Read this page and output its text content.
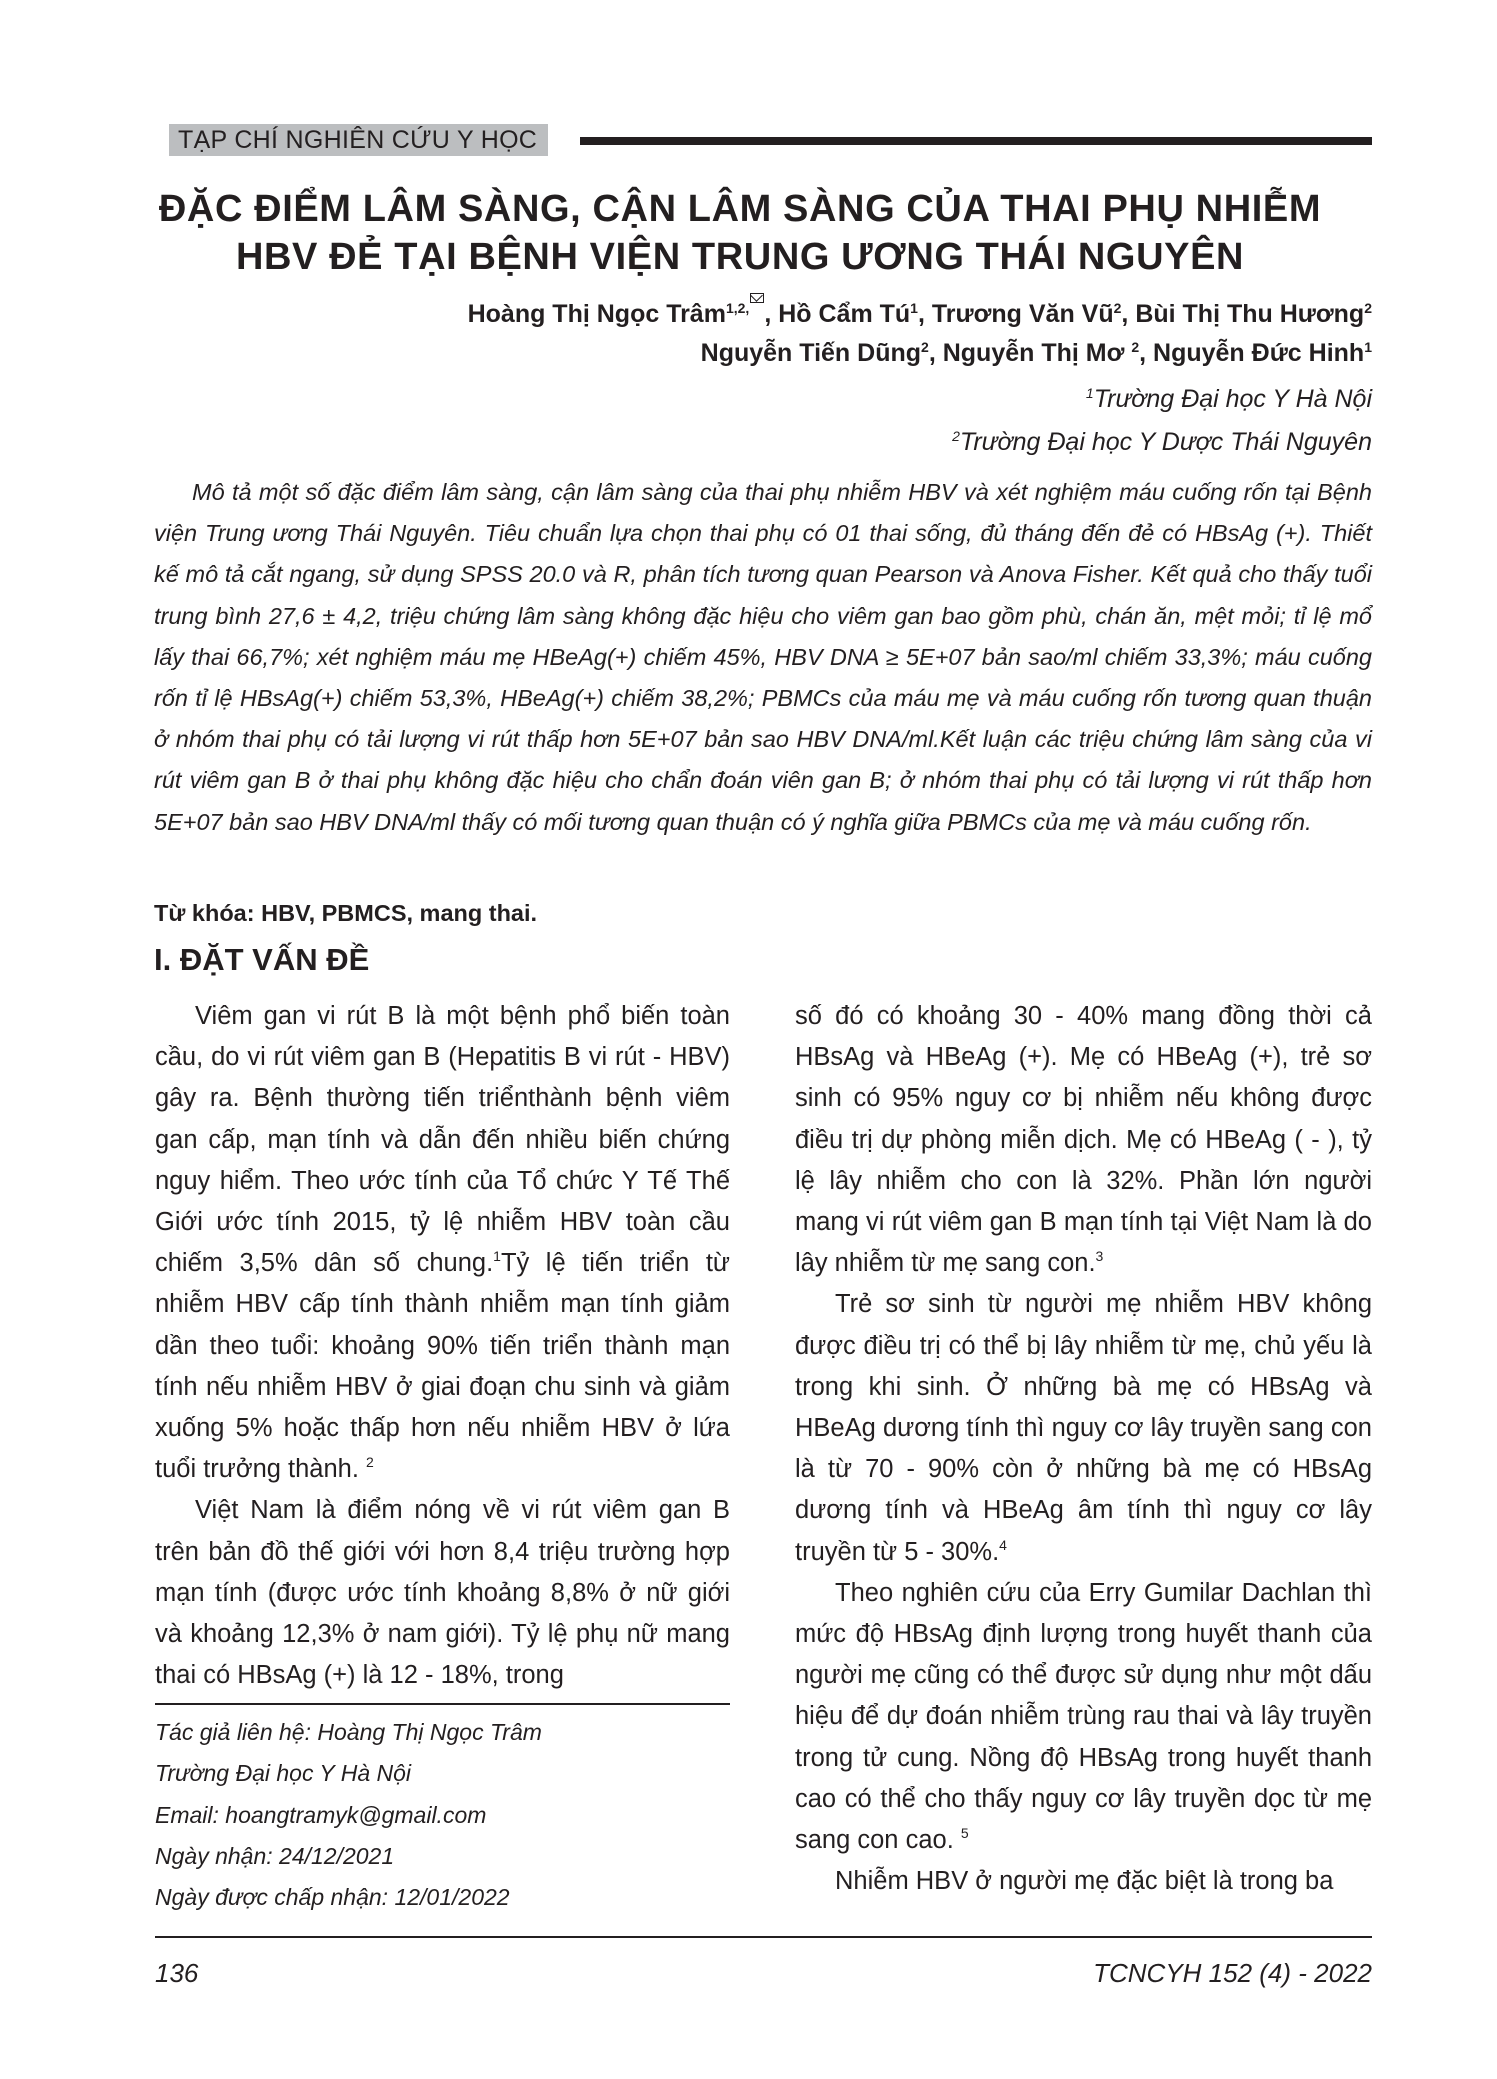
TẠP CHÍ NGHIÊN CỨU Y HỌC
ĐẶC ĐIỂM LÂM SÀNG, CẬN LÂM SÀNG CỦA THAI PHỤ NHIỄM
HBV ĐẺ TẠI BỆNH VIỆN TRUNG ƯƠNG THÁI NGUYÊN
Hoàng Thị Ngọc Trâm$^{1,2,}$ , Hồ Cẩm $Tú^1$, Trương Văn $Vũ^2$, Bùi Thị Thu Hương$^2$
Nguyễn Tiến Dũng$^2$, Nguyễn Thị Mơ $^2$, Nguyễn Đức Hinh$^1$
$^1$Trường Đại học Y Hà Nội
$^2$Trường Đại học Y Dược Thái Nguyên
Mô tả một số đặc điểm lâm sàng, cận lâm sàng của thai phụ nhiễm HBV và xét nghiệm máu cuống rốn tại Bệnh viện Trung ương Thái Nguyên. Tiêu chuẩn lựa chọn thai phụ có 01 thai sống, đủ tháng đến đẻ có HBsAg (+). Thiết kế mô tả cắt ngang, sử dụng SPSS 20.0 và R, phân tích tương quan Pearson và Anova Fisher. Kết quả cho thấy tuổi trung bình 27,6 ± 4,2, triệu chứng lâm sàng không đặc hiệu cho viêm gan bao gồm phù, chán ăn, mệt mỏi; tỉ lệ mổ lấy thai 66,7%; xét nghiệm máu mẹ HBeAg(+) chiếm 45%, HBV DNA ≥ 5E+07 bản sao/ml chiếm 33,3%; máu cuống rốn tỉ lệ HBsAg(+) chiếm 53,3%, HBeAg(+) chiếm 38,2%; PBMCs của máu mẹ và máu cuống rốn tương quan thuận ở nhóm thai phụ có tải lượng vi rút thấp hơn 5E+07 bản sao HBV DNA/ml.Kết luận các triệu chứng lâm sàng của vi rút viêm gan B ở thai phụ không đặc hiệu cho chẩn đoán viên gan B; ở nhóm thai phụ có tải lượng vi rút thấp hơn 5E+07 bản sao HBV DNA/ml thấy có mối tương quan thuận có ý nghĩa giữa PBMCs của mẹ và máu cuống rốn.
Từ khóa: HBV, PBMCS, mang thai.
I. ĐẶT VẤN ĐỀ

Viêm gan vi rút B là một bệnh phổ biến toàn cầu, do vi rút viêm gan B (Hepatitis B vi rút - HBV) gây ra. Bệnh thường tiến triểnthành bệnh viêm gan cấp, mạn tính và dẫn đến nhiều biến chứng nguy hiểm. Theo ước tính của Tổ chức Y Tế Thế Giới ước tính 2015, tỷ lệ nhiễm HBV toàn cầu chiếm 3,5% dân số chung.$^1$Tỷ lệ tiến triển từ nhiễm HBV cấp tính thành nhiễm mạn tính giảm dần theo tuổi: khoảng 90% tiến triển thành mạn tính nếu nhiễm HBV ở giai đoạn chu sinh và giảm xuống 5% hoặc thấp hơn nếu nhiễm HBV ở lứa tuổi trưởng thành. $^2$

Việt Nam là điểm nóng về vi rút viêm gan B trên bản đồ thế giới với hơn 8,4 triệu trường hợp mạn tính (được ước tính khoảng 8,8% ở nữ giới và khoảng 12,3% ở nam giới). Tỷ lệ phụ nữ mang thai có HBsAg (+) là 12 - 18%, trong

Tác giả liên hệ: Hoàng Thị Ngọc Trâm
Trường Đại học Y Hà Nội
Email: hoangtramyk@gmail.com
Ngày nhận: 24/12/2021
Ngày được chấp nhận: 12/01/2022

số đó có khoảng 30 - 40% mang đồng thời cả HBsAg và HBeAg (+). Mẹ có HBeAg (+), trẻ sơ sinh có 95% nguy cơ bị nhiễm nếu không được điều trị dự phòng miễn dịch. Mẹ có HBeAg ( - ), tỷ lệ lây nhiễm cho con là 32%. Phần lớn người mang vi rút viêm gan B mạn tính tại Việt Nam là do lây nhiễm từ mẹ sang con.$^3$

Trẻ sơ sinh từ người mẹ nhiễm HBV không được điều trị có thể bị lây nhiễm từ mẹ, chủ yếu là trong khi sinh. Ở những bà mẹ có HBsAg và HBeAg dương tính thì nguy cơ lây truyền sang con là từ 70 - 90% còn ở những bà mẹ có HBsAg dương tính và HBeAg âm tính thì nguy cơ lây truyền từ 5 - 30%.$^4$

Theo nghiên cứu của Erry Gumilar Dachlan thì mức độ HBsAg định lượng trong huyết thanh của người mẹ cũng có thể được sử dụng như một dấu hiệu để dự đoán nhiễm trùng rau thai và lây truyền trong tử cung. Nồng độ HBsAg trong huyết thanh cao có thể cho thấy nguy cơ lây truyền dọc từ mẹ sang con cao. $^5$

Nhiễm HBV ở người mẹ đặc biệt là trong ba

136	TCNCYH 152 (4) - 2022
